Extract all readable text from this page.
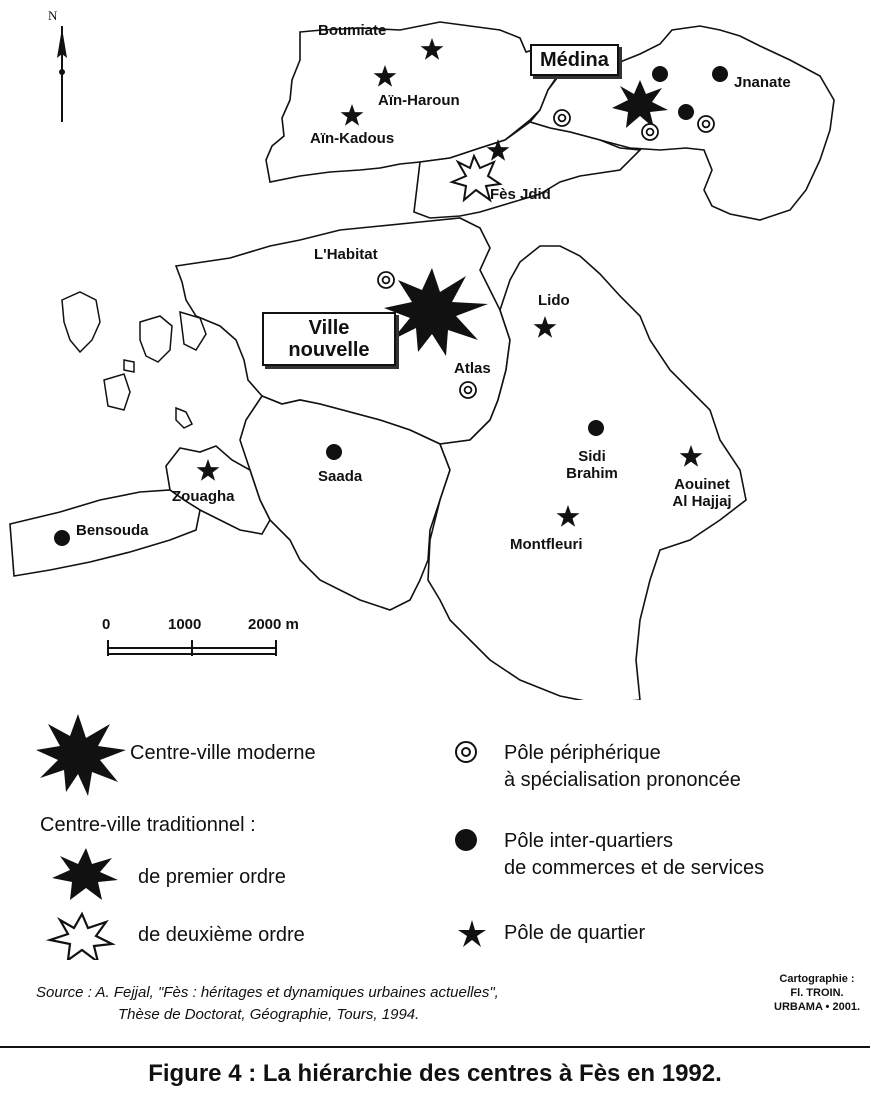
N
Boumiate
Aïn-Haroun
Aïn-Kadous
Médina
Jnanate
Fès Jdid
L'Habitat
Ville
nouvelle
Lido
Atlas
Saada
Sidi
Brahim
Aouinet
Al Hajjaj
Zouagha
Bensouda
Montfleuri
0	1000	2000 m
Centre-ville moderne
Centre-ville traditionnel :
de premier ordre
de deuxième ordre
Pôle périphérique
à spécialisation prononcée
Pôle inter-quartiers
de commerces et de services
Pôle de quartier
Source : A. Fejjal, "Fès : héritages et dynamiques urbaines actuelles",
Thèse de Doctorat, Géographie, Tours, 1994.
Cartographie :
Fl. TROIN.
URBAMA • 2001.
Figure 4 : La hiérarchie des centres à Fès en 1992.
